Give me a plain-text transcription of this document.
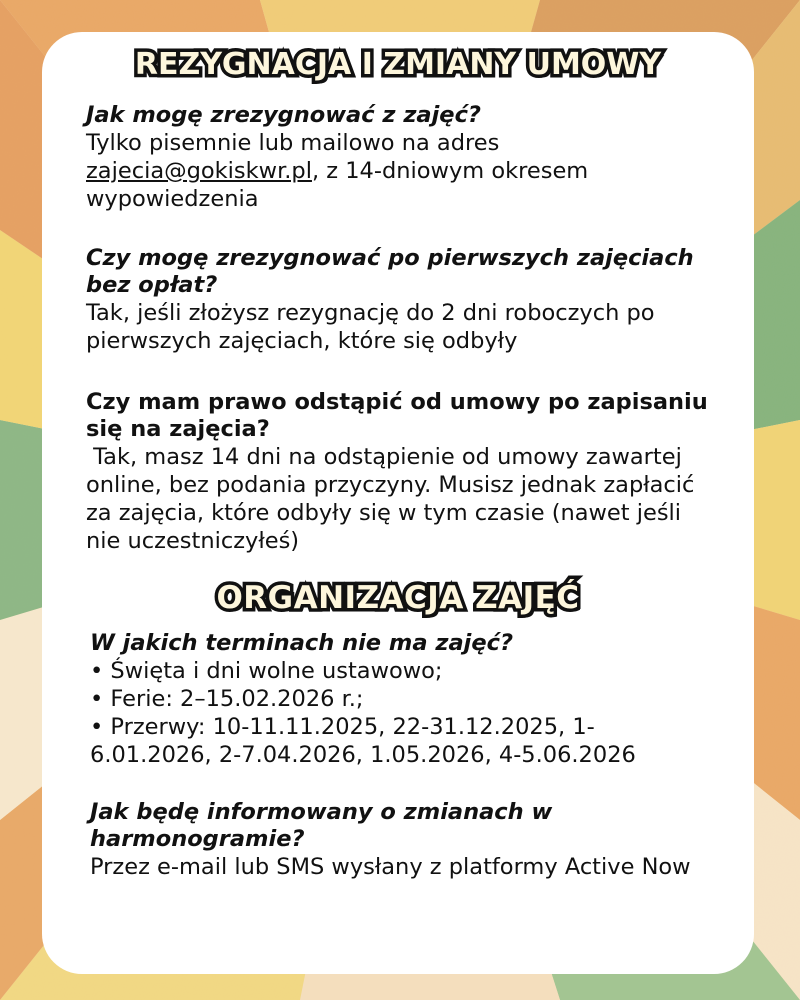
REZYGNACJA I ZMIANY UMOWY

Jak mogę zrezygnować z zajęć?

Tylko pisemnie lub mailowo na adres zajecia@gokiskwr.pl, z 14-dniowym okresem wypowiedzenia

Czy mogę zrezygnować po pierwszych zajęciach bez opłat?

Tak, jeśli złożysz rezygnację do 2 dni roboczych po pierwszych zajęciach, które się odbyły

Czy mam prawo odstąpić od umowy po zapisaniu się na zajęcia?

Tak, masz 14 dni na odstąpienie od umowy zawartej online, bez podania przyczyny. Musisz jednak zapłacić za zajęcia, które odbyły się w tym czasie (nawet jeśli nie uczestniczyłeś)

ORGANIZACJA ZAJĘĆ

W jakich terminach nie ma zajęć?

• Święta i dni wolne ustawowo;

• Ferie: 2–15.02.2026 r.;

• Przerwy: 10-11.11.2025, 22-31.12.2025, 1-6.01.2026, 2-7.04.2026, 1.05.2026, 4-5.06.2026

Jak będę informowany o zmianach w harmonogramie?

Przez e-mail lub SMS wysłany z platformy Active Now
